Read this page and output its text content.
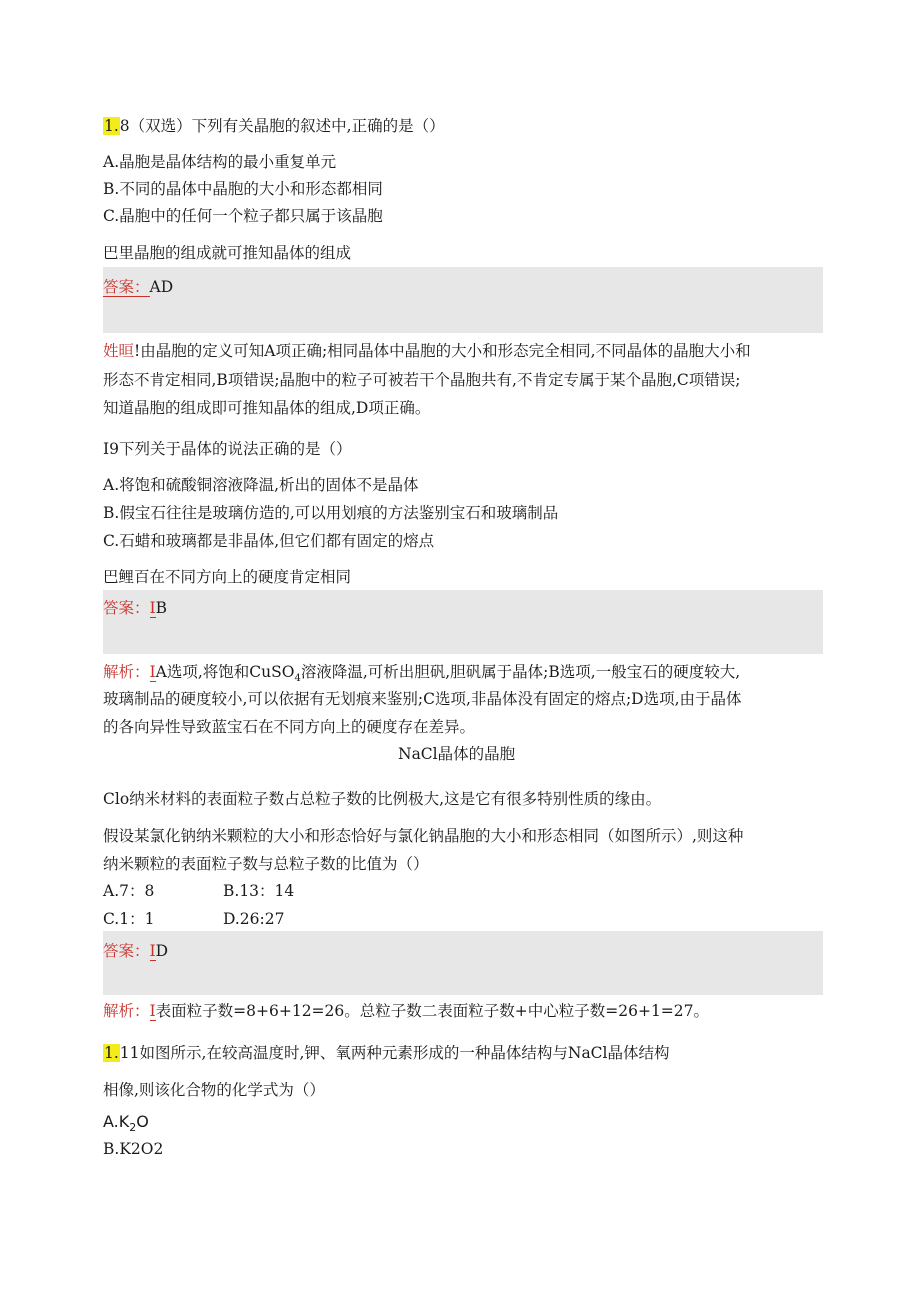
1.8（双选）下列有关晶胞的叙述中,正确的是（）
A.晶胞是晶体结构的最小重复单元
B.不同的晶体中晶胞的大小和形态都相同
C.晶胞中的任何一个粒子都只属于该晶胞
巴里晶胞的组成就可推知晶体的组成
答案：AD
姓晅!由晶胞的定义可知A项正确;相同晶体中晶胞的大小和形态完全相同,不同晶体的晶胞大小和
形态不肯定相同,B项错误;晶胞中的粒子可被若干个晶胞共有,不肯定专属于某个晶胞,C项错误;
知道晶胞的组成即可推知晶体的组成,D项正确。
I9下列关于晶体的说法正确的是（）
A.将饱和硫酸铜溶液降温,析出的固体不是晶体
B.假宝石往往是玻璃仿造的,可以用划痕的方法鉴别宝石和玻璃制品
C.石蜡和玻璃都是非晶体,但它们都有固定的熔点
巴鲤百在不同方向上的硬度肯定相同
答案：IB
解析：IA选项,将饱和CuSO$_4$溶液降温,可析出胆矾,胆矾属于晶体;B选项,一般宝石的硬度较大,
玻璃制品的硬度较小,可以依据有无划痕来鉴别;C选项,非晶体没有固定的熔点;D选项,由于晶体
的各向异性导致蓝宝石在不同方向上的硬度存在差异。
NaCl晶体的晶胞
Clo纳米材料的表面粒子数占总粒子数的比例极大,这是它有很多特别性质的缘由。
假设某氯化钠纳米颗粒的大小和形态恰好与氯化钠晶胞的大小和形态相同（如图所示）,则这种
纳米颗粒的表面粒子数与总粒子数的比值为（）
A.7：8	B.13：14
C.1：1	D.26:27
答案：ID
解析：I表面粒子数=8+6+12=26。总粒子数二表面粒子数+中心粒子数=26+1=27。
1.11如图所示,在较高温度时,钾、氧两种元素形成的一种晶体结构与NaCl晶体结构
相像,则该化合物的化学式为（）
$A.K_2O$
B.K2O2
